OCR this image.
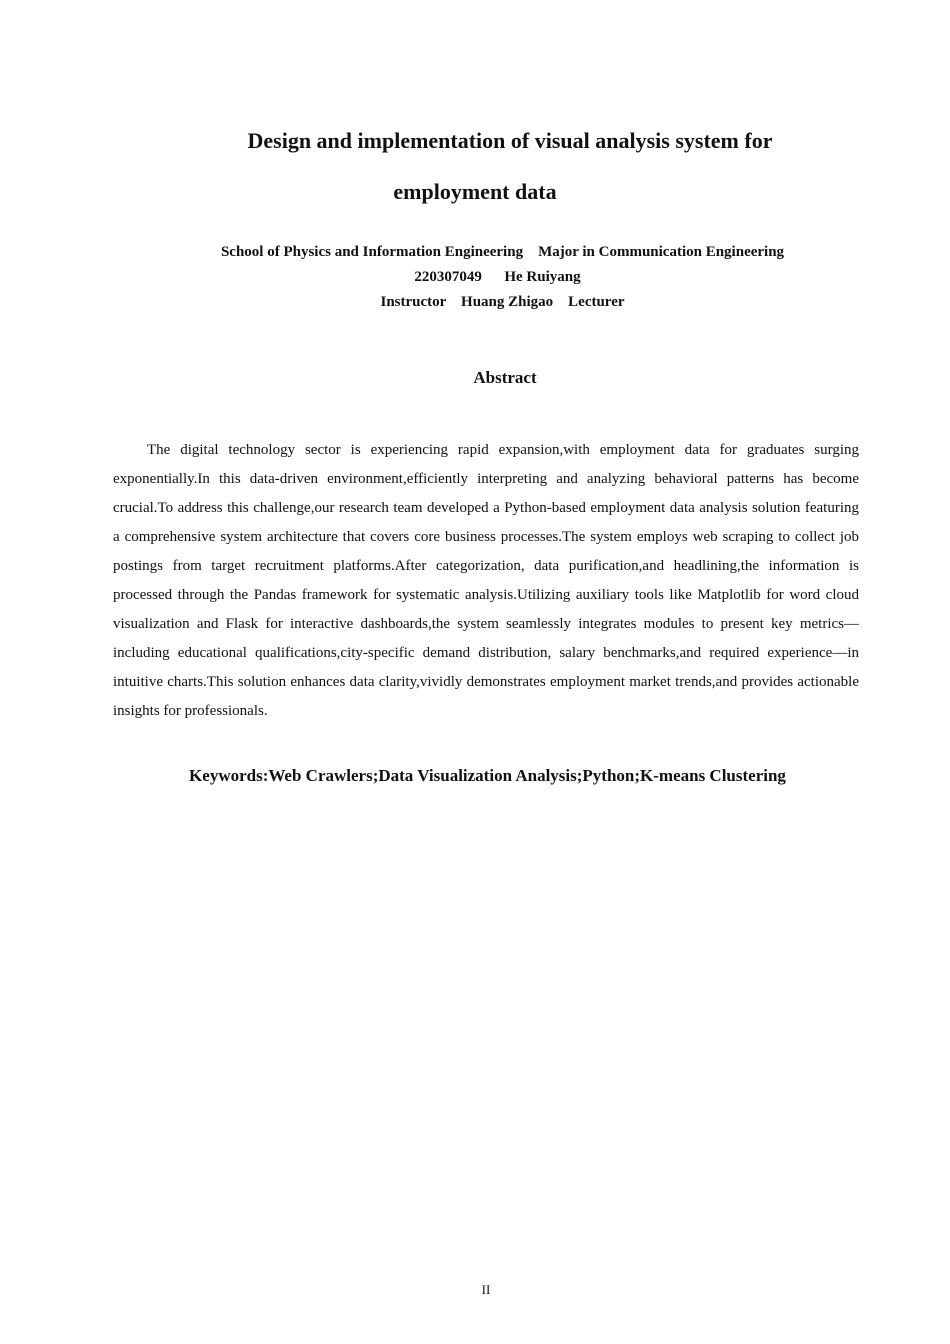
Design and implementation of visual analysis system for
employment data
School of Physics and Information Engineering    Major in Communication Engineering
220307049      He Ruiyang
Instructor    Huang Zhigao    Lecturer
Abstract

The digital technology sector is experiencing rapid expansion,with employment data for graduates surging exponentially.In this data-driven environment,efficiently interpreting and analyzing behavioral patterns has become crucial.To address this challenge,our research team developed a Python-based employment data analysis solution featuring a comprehensive system architecture that covers core business processes.The system employs web scraping to collect job postings from target recruitment platforms.After categorization, data purification,and headlining,the information is processed through the Pandas framework for systematic analysis.Utilizing auxiliary tools like Matplotlib for word cloud visualization and Flask for interactive dashboards,the system seamlessly integrates modules to present key metrics—including educational qualifications,city-specific demand distribution, salary benchmarks,and required experience—in intuitive charts.This solution enhances data clarity,vividly demonstrates employment market trends,and provides actionable insights for professionals.

Keywords:Web Crawlers;Data Visualization Analysis;Python;K-means Clustering
II
